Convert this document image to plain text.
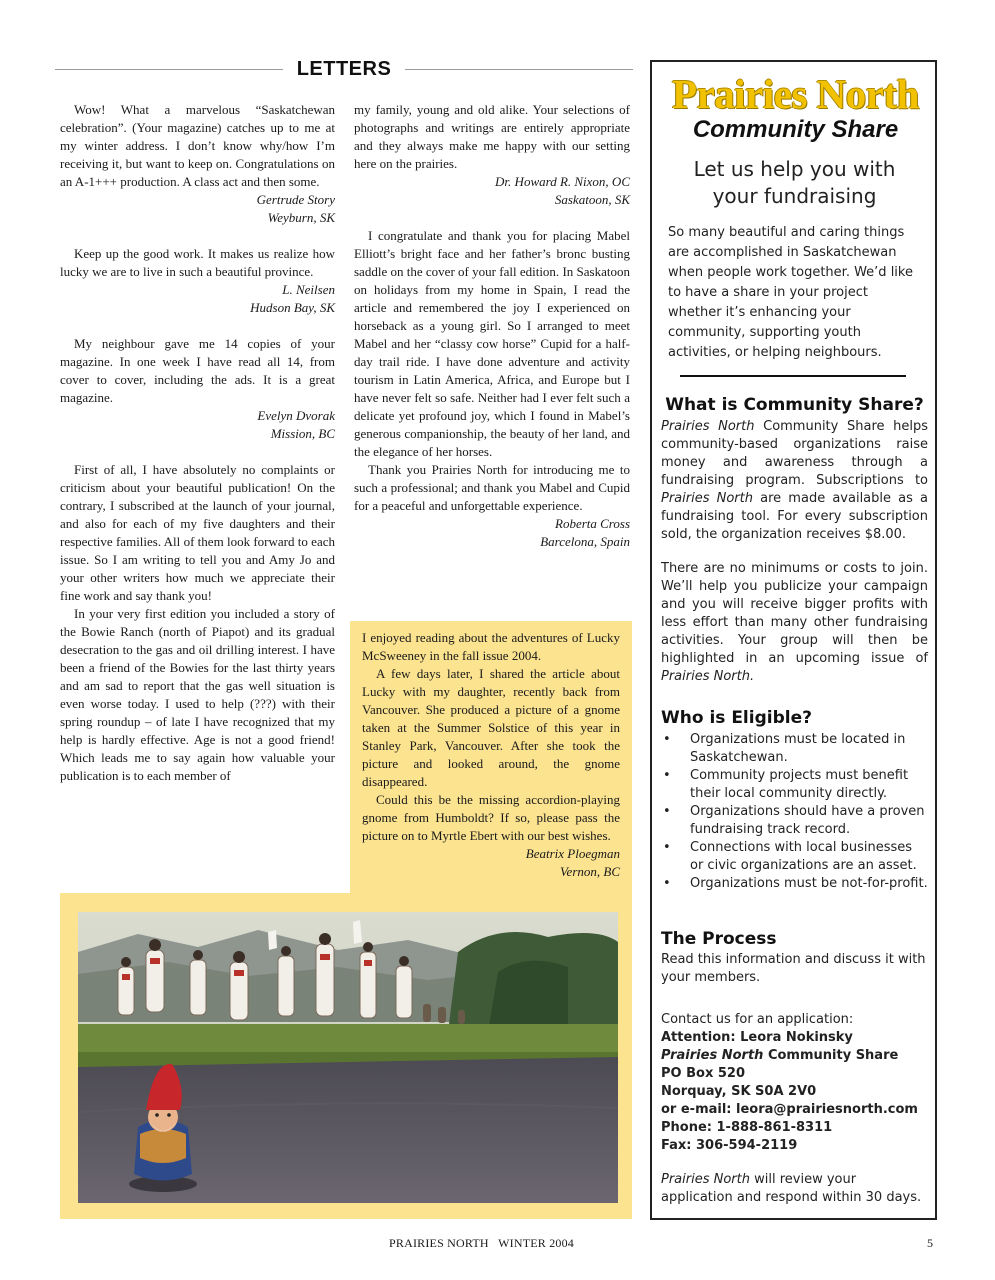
LETTERS

Wow! What a marvelous “Saskatchewan celebration”. (Your magazine) catches up to me at my winter address. I don’t know why/how I’m receiving it, but want to keep on. Congratulations on an A-1+++ production. A class act and then some.

Gertrude Story
Weyburn, SK

Keep up the good work. It makes us realize how lucky we are to live in such a beautiful province.

L. Neilsen
Hudson Bay, SK

My neighbour gave me 14 copies of your magazine. In one week I have read all 14, from cover to cover, including the ads. It is a great magazine.

Evelyn Dvorak
Mission, BC

First of all, I have absolutely no complaints or criticism about your beautiful publication! On the contrary, I subscribed at the launch of your journal, and also for each of my five daughters and their respective families. All of them look forward to each issue. So I am writing to tell you and Amy Jo and your other writers how much we appreciate their fine work and say thank you!

In your very first edition you included a story of the Bowie Ranch (north of Piapot) and its gradual desecration to the gas and oil drilling interest. I have been a friend of the Bowies for the last thirty years and am sad to report that the gas well situation is even worse today. I used to help (???) with their spring roundup – of late I have recognized that my help is hardly effective. Age is not a good friend! Which leads me to say again how valuable your publication is to each member of

my family, young and old alike. Your selections of photographs and writings are entirely appropriate and they always make me happy with our setting here on the prairies.

Dr. Howard R. Nixon, OC
Saskatoon, SK

I congratulate and thank you for placing Mabel Elliott’s bright face and her father’s bronc busting saddle on the cover of your fall edition. In Saskatoon on holidays from my home in Spain, I read the article and remembered the joy I experienced on horseback as a young girl. So I arranged to meet Mabel and her “classy cow horse” Cupid for a half-day trail ride. I have done adventure and activity tourism in Latin America, Africa, and Europe but I have never felt so safe. Neither had I ever felt such a delicate yet profound joy, which I found in Mabel’s generous companionship, the beauty of her land, and the elegance of her horses.

Thank you Prairies North for introducing me to such a professional; and thank you Mabel and Cupid for a peaceful and unforgettable experience.

Roberta Cross
Barcelona, Spain

I enjoyed reading about the adventures of Lucky McSweeney in the fall issue 2004.

A few days later, I shared the article about Lucky with my daughter, recently back from Vancouver. She produced a picture of a gnome taken at the Summer Solstice of this year in Stanley Park, Vancouver. After she took the picture and looked around, the gnome disappeared.

Could this be the missing accordion-playing gnome from Humboldt? If so, please pass the picture on to Myrtle Ebert with our best wishes.

Beatrix Ploegman
Vernon, BC
Prairies North
Community Share
Let us help you with your fundraising
So many beautiful and caring things are accomplished in Saskatchewan when people work together. We’d like to have a share in your project whether it’s enhancing your community, supporting youth activities, or helping neighbours.
What is Community Share?

Prairies North Community Share helps community-based organizations raise money and awareness through a fundraising program. Subscriptions to Prairies North are made available as a fundraising tool. For every subscription sold, the organization receives $8.00.

There are no minimums or costs to join. We’ll help you publicize your campaign and you will receive bigger profits with less effort than many other fundraising activities. Your group will then be highlighted in an upcoming issue of Prairies North.

Who is Eligible?
• Organizations must be located in Saskatchewan.
• Community projects must benefit their local community directly.
• Organizations should have a proven fundraising track record.
• Connections with local businesses or civic organizations are an asset.
• Organizations must be not-for-profit.
The Process

Read this information and discuss it with your members.

Contact us for an application:

Attention: Leora Nokinsky

Prairies North Community Share

PO Box 520

Norquay, SK S0A 2V0

or e-mail: leora@prairiesnorth.com

Phone: 1-888-861-8311

Fax: 306-594-2119

Prairies North will review your application and respond within 30 days.

PRAIRIES NORTH   WINTER 2004	5
